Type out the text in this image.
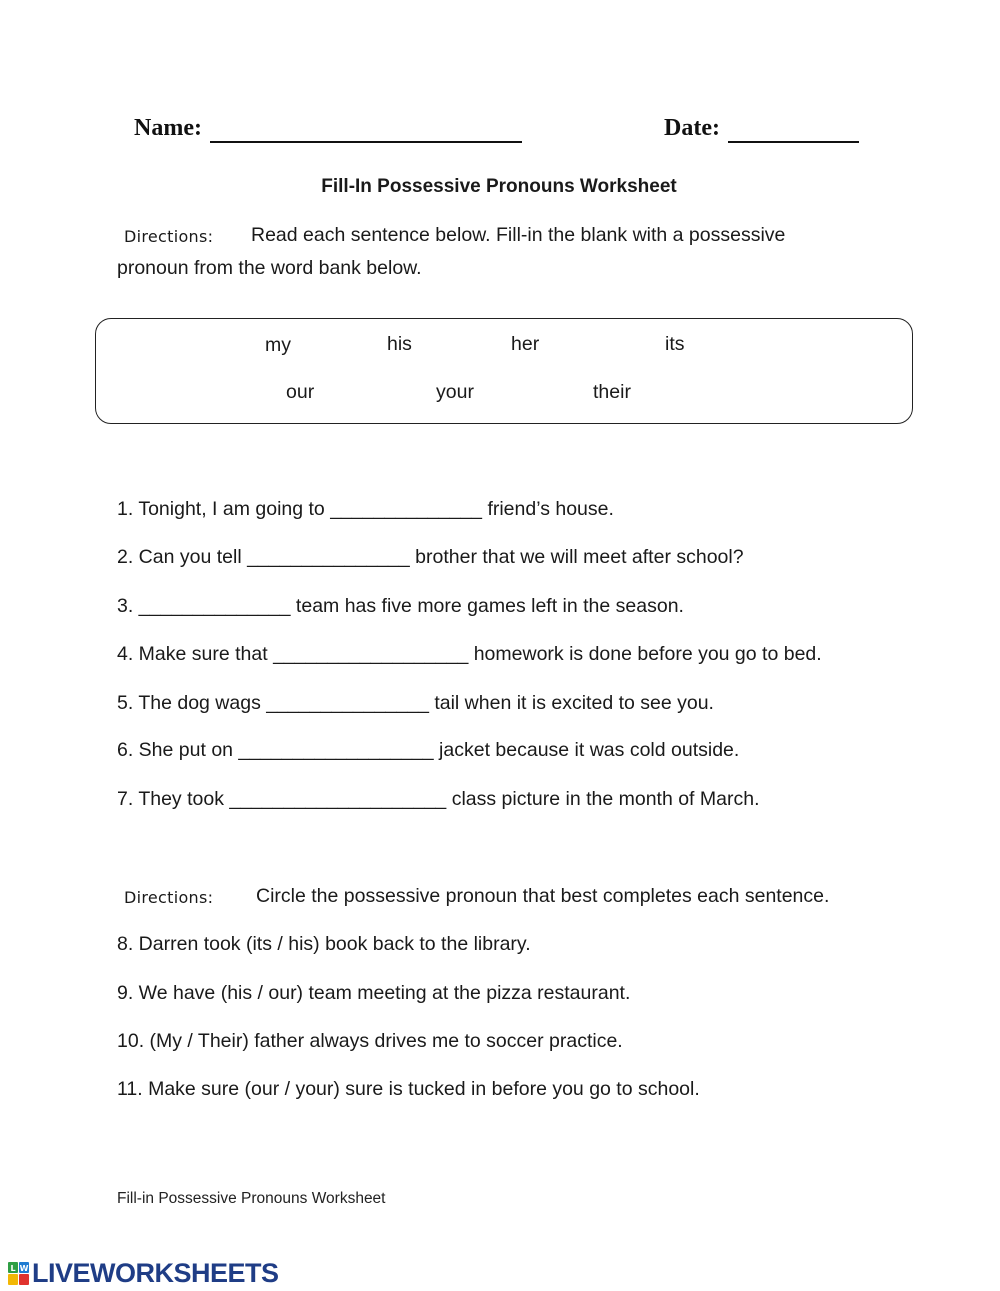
Name:	Date:
Fill-In Possessive Pronouns Worksheet
Directions: Read each sentence below. Fill-in the blank with a possessive
pronoun from the word bank below.
my	his	her	its
our	your	their
1. Tonight, I am going to ______________ friend’s house.
2. Can you tell _______________ brother that we will meet after school?
3. ______________ team has five more games left in the season.
4. Make sure that __________________ homework is done before you go to bed.
5. The dog wags _______________ tail when it is excited to see you.
6. She put on __________________ jacket because it was cold outside.
7. They took ____________________ class picture in the month of March.
Directions: Circle the possessive pronoun that best completes each sentence.
8. Darren took (its / his) book back to the library.
9. We have (his / our) team meeting at the pizza restaurant.
10. (My / Their) father always drives me to soccer practice.
11. Make sure (our / your) sure is tucked in before you go to school.
Fill-in Possessive Pronouns Worksheet
L W LIVEWORKSHEETS
